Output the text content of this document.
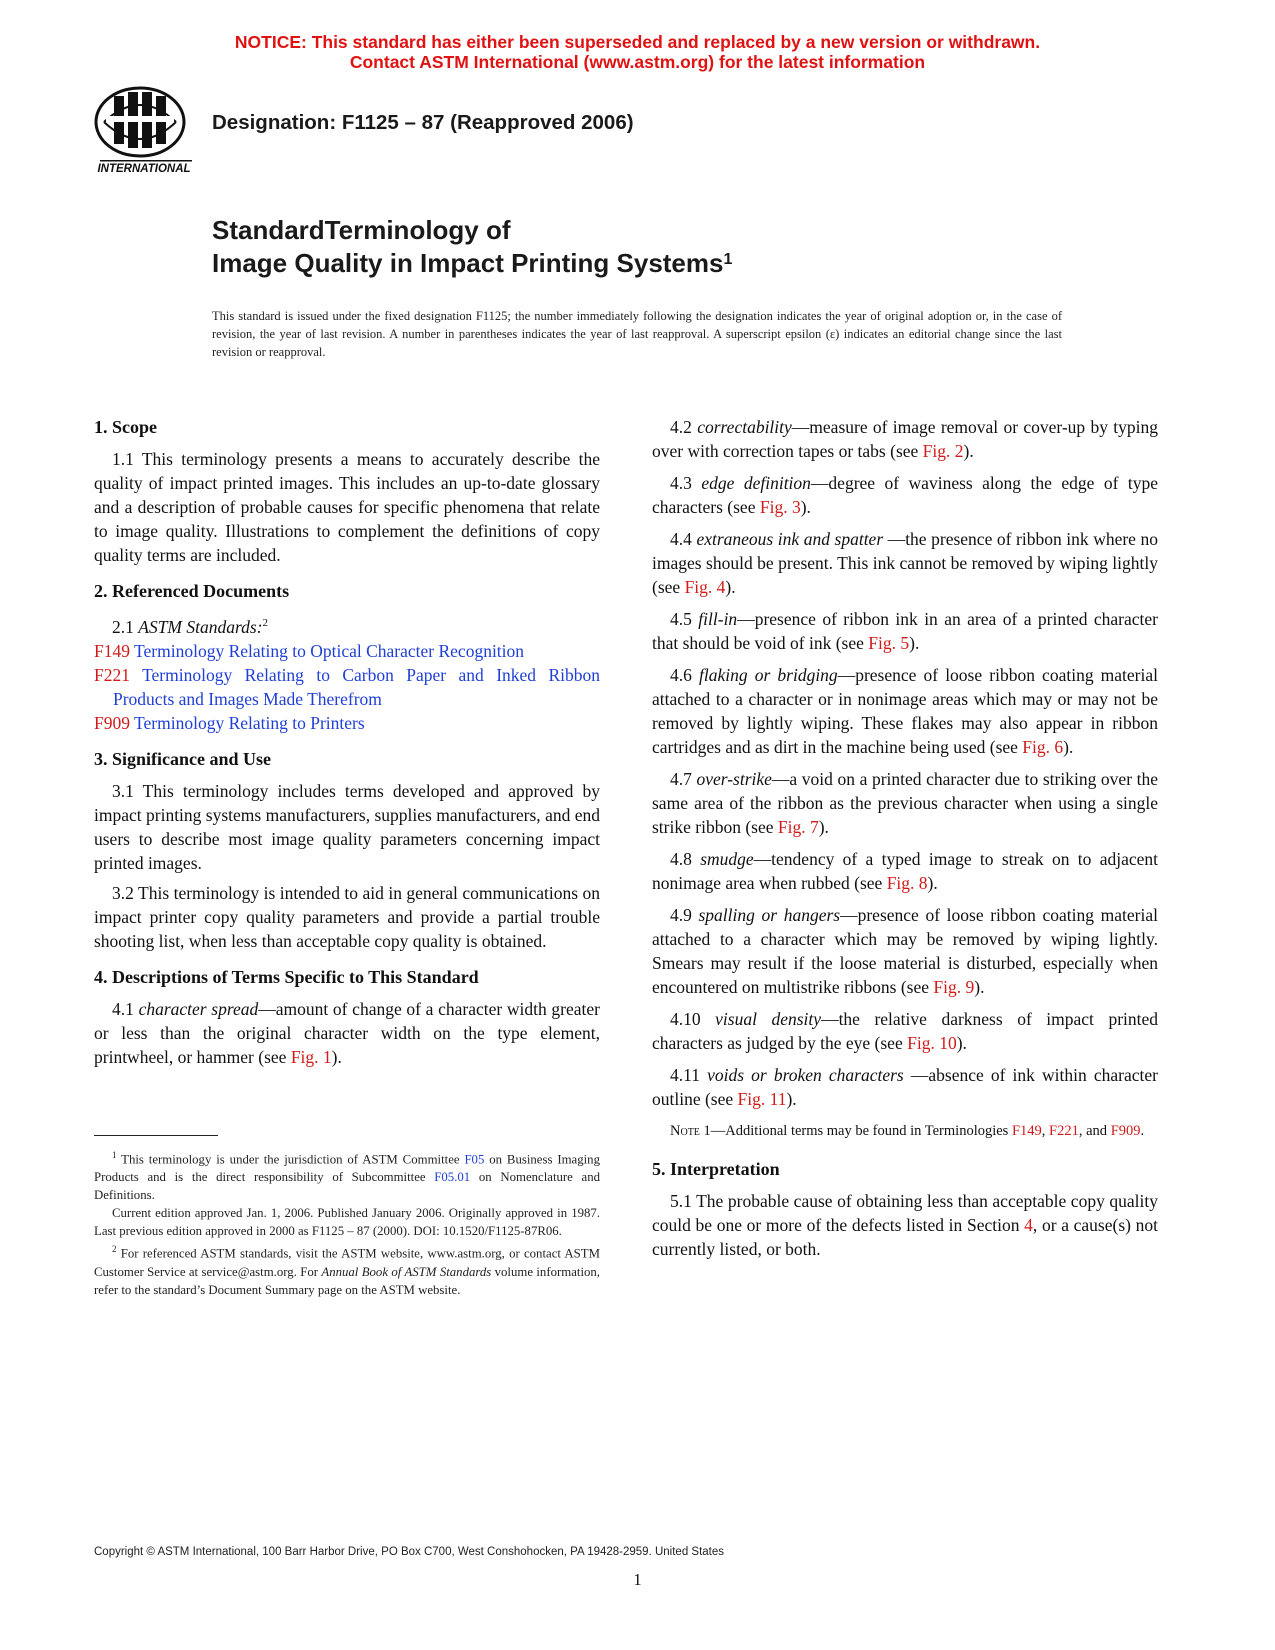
NOTICE: This standard has either been superseded and replaced by a new version or withdrawn.
Contact ASTM International (www.astm.org) for the latest information
INTERNATIONAL
Designation: F1125 – 87 (Reapproved 2006)
StandardTerminology of
Image Quality in Impact Printing Systems$^1$
This standard is issued under the fixed designation F1125; the number immediately following the designation indicates the year of original adoption or, in the case of revision, the year of last revision. A number in parentheses indicates the year of last reapproval. A superscript epsilon (ε) indicates an editorial change since the last revision or reapproval.
1. Scope

1.1 This terminology presents a means to accurately describe the quality of impact printed images. This includes an up-to-date glossary and a description of probable causes for specific phenomena that relate to image quality. Illustrations to complement the definitions of copy quality terms are included.

2. Referenced Documents

2.1 ASTM Standards:$^2$

F149 Terminology Relating to Optical Character Recognition

F221 Terminology Relating to Carbon Paper and Inked Ribbon Products and Images Made Therefrom

F909 Terminology Relating to Printers

3. Significance and Use

3.1 This terminology includes terms developed and approved by impact printing systems manufacturers, supplies manufacturers, and end users to describe most image quality parameters concerning impact printed images.

3.2 This terminology is intended to aid in general communications on impact printer copy quality parameters and provide a partial trouble shooting list, when less than acceptable copy quality is obtained.

4. Descriptions of Terms Specific to This Standard

4.1 character spread—amount of change of a character width greater or less than the original character width on the type element, printwheel, or hammer (see Fig. 1).

$^1$ This terminology is under the jurisdiction of ASTM Committee F05 on Business Imaging Products and is the direct responsibility of Subcommittee F05.01 on Nomenclature and Definitions.

Current edition approved Jan. 1, 2006. Published January 2006. Originally approved in 1987. Last previous edition approved in 2000 as F1125 – 87 (2000). DOI: 10.1520/F1125-87R06.

$^2$ For referenced ASTM standards, visit the ASTM website, www.astm.org, or contact ASTM Customer Service at service@astm.org. For Annual Book of ASTM Standards volume information, refer to the standard’s Document Summary page on the ASTM website.

4.2 correctability—measure of image removal or cover-up by typing over with correction tapes or tabs (see Fig. 2).

4.3 edge definition—degree of waviness along the edge of type characters (see Fig. 3).

4.4 extraneous ink and spatter —the presence of ribbon ink where no images should be present. This ink cannot be removed by wiping lightly (see Fig. 4).

4.5 fill-in—presence of ribbon ink in an area of a printed character that should be void of ink (see Fig. 5).

4.6 flaking or bridging—presence of loose ribbon coating material attached to a character or in nonimage areas which may or may not be removed by lightly wiping. These flakes may also appear in ribbon cartridges and as dirt in the machine being used (see Fig. 6).

4.7 over-strike—a void on a printed character due to striking over the same area of the ribbon as the previous character when using a single strike ribbon (see Fig. 7).

4.8 smudge—tendency of a typed image to streak on to adjacent nonimage area when rubbed (see Fig. 8).

4.9 spalling or hangers—presence of loose ribbon coating material attached to a character which may be removed by wiping lightly. Smears may result if the loose material is disturbed, especially when encountered on multistrike ribbons (see Fig. 9).

4.10 visual density—the relative darkness of impact printed characters as judged by the eye (see Fig. 10).

4.11 voids or broken characters —absence of ink within character outline (see Fig. 11).

Note 1—Additional terms may be found in Terminologies F149, F221, and F909.

5. Interpretation

5.1 The probable cause of obtaining less than acceptable copy quality could be one or more of the defects listed in Section 4, or a cause(s) not currently listed, or both.

Copyright © ASTM International, 100 Barr Harbor Drive, PO Box C700, West Conshohocken, PA 19428-2959. United States
1
